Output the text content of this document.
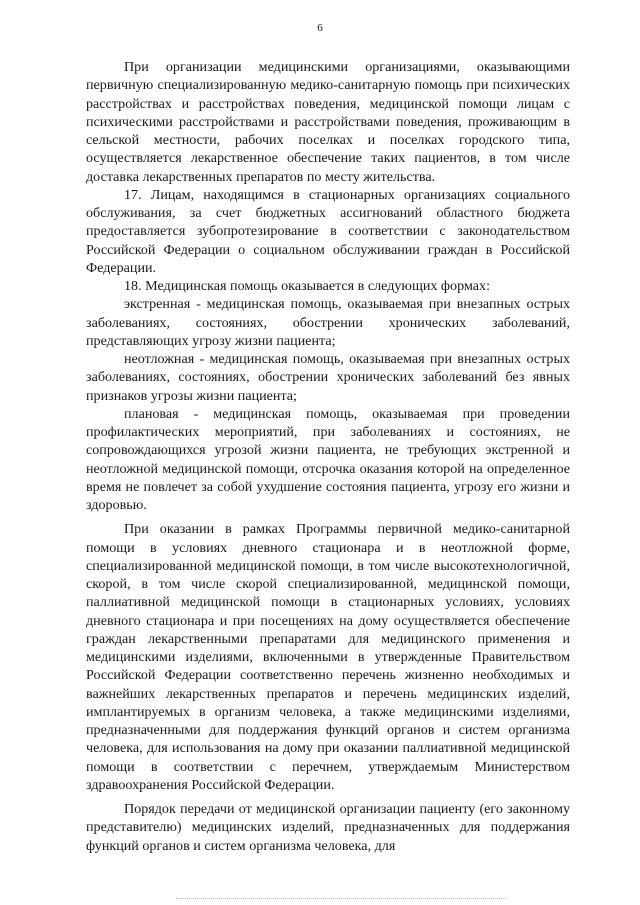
6

При организации медицинскими организациями, оказывающими первичную специализированную медико-санитарную помощь при психических расстройствах и расстройствах поведения, медицинской помощи лицам с психическими расстройствами и расстройствами поведения, проживающим в сельской местности, рабочих поселках и поселках городского типа, осуществляется лекарственное обеспечение таких пациентов, в том числе доставка лекарственных препаратов по месту жительства.

17. Лицам, находящимся в стационарных организациях социального обслуживания, за счет бюджетных ассигнований областного бюджета предоставляется зубопротезирование в соответствии с законодательством Российской Федерации о социальном обслуживании граждан в Российской Федерации.

18. Медицинская помощь оказывается в следующих формах:

экстренная - медицинская помощь, оказываемая при внезапных острых заболеваниях, состояниях, обострении хронических заболеваний, представляющих угрозу жизни пациента;

неотложная - медицинская помощь, оказываемая при внезапных острых заболеваниях, состояниях, обострении хронических заболеваний без явных признаков угрозы жизни пациента;

плановая - медицинская помощь, оказываемая при проведении профилактических мероприятий, при заболеваниях и состояниях, не сопровождающихся угрозой жизни пациента, не требующих экстренной и неотложной медицинской помощи, отсрочка оказания которой на определенное время не повлечет за собой ухудшение состояния пациента, угрозу его жизни и здоровью.

При оказании в рамках Программы первичной медико-санитарной помощи в условиях дневного стационара и в неотложной форме, специализированной медицинской помощи, в том числе высокотехнологичной, скорой, в том числе скорой специализированной, медицинской помощи, паллиативной медицинской помощи в стационарных условиях, условиях дневного стационара и при посещениях на дому осуществляется обеспечение граждан лекарственными препаратами для медицинского применения и медицинскими изделиями, включенными в утвержденные Правительством Российской Федерации соответственно перечень жизненно необходимых и важнейших лекарственных препаратов и перечень медицинских изделий, имплантируемых в организм человека, а также медицинскими изделиями, предназначенными для поддержания функций органов и систем организма человека, для использования на дому при оказании паллиативной медицинской помощи в соответствии с перечнем, утверждаемым Министерством здравоохранения Российской Федерации.

Порядок передачи от медицинской организации пациенту (его законному представителю) медицинских изделий, предназначенных для поддержания функций органов и систем организма человека, для
